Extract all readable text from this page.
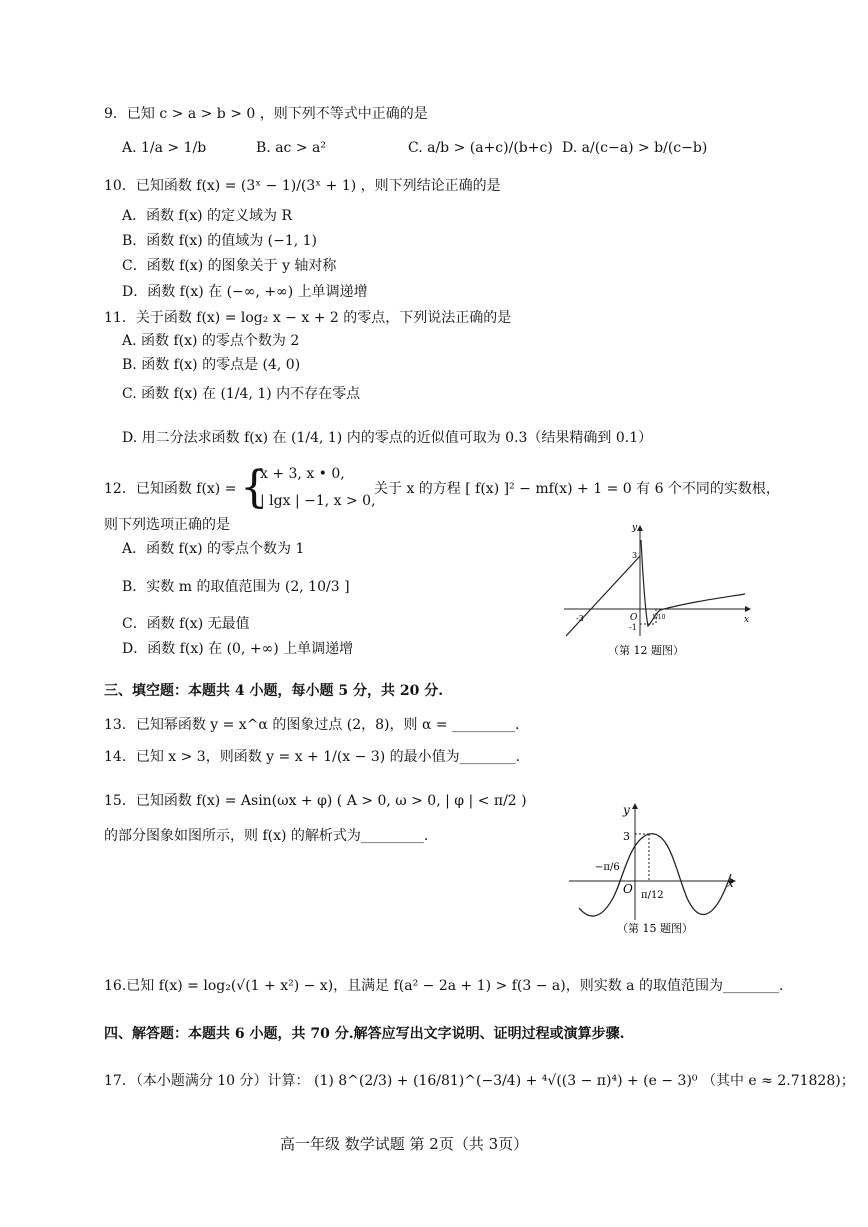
9．已知 c > a > b > 0 ，则下列不等式中正确的是
A. 1/a > 1/b	B. ac > a²	C. a/b > (a+c)/(b+c) D. a/(c−a) > b/(c−b)
10．已知函数 f(x) = (3ˣ − 1)/(3ˣ + 1) ，则下列结论正确的是
A．函数 f(x) 的定义域为 R
B．函数 f(x) 的值域为 (−1, 1)
C．函数 f(x) 的图象关于 y 轴对称
D．函数 f(x) 在 (−∞, +∞) 上单调递增
11．关于函数 f(x) = log₂ x − x + 2 的零点，下列说法正确的是
A. 函数 f(x) 的零点个数为 2
B. 函数 f(x) 的零点是 (4, 0)
C. 函数 f(x) 在 (1/4, 1) 内不存在零点
D. 用二分法求函数 f(x) 在 (1/4, 1) 内的零点的近似值可取为 0.3（结果精确到 0.1）
12．已知函数 f(x) = {
x + 3, x • 0,
| lgx | −1, x > 0,
关于 x 的方程 [ f(x) ]² − mf(x) + 1 = 0 有 6 个不同的实数根，
则下列选项正确的是
A．函数 f(x) 的零点个数为 1
B．实数 m 的取值范围为 (2, 10/3 ]
C．函数 f(x) 无最值
D．函数 f(x) 在 (0, +∞) 上单调递增
y
x
O
3
-3
-1
1/10
（第 12 题图）
三、填空题：本题共 4 小题，每小题 5 分，共 20 分.
13．已知幂函数 y = x^α 的图象过点 (2，8)，则 α = _________.
14．已知 x > 3，则函数 y = x + 1/(x − 3) 的最小值为________.
15．已知函数 f(x) = Asin(ωx + φ) ( A > 0, ω > 0, | φ | < π/2 )
的部分图象如图所示，则 f(x) 的解析式为_________.
y
x
O
3
−π/6
π/12
（第 15 题图）
16.已知 f(x) = log₂(√(1 + x²) − x)，且满足 f(a² − 2a + 1) > f(3 − a)，则实数 a 的取值范围为________.
四、解答题：本题共 6 小题，共 70 分.解答应写出文字说明、证明过程或演算步骤.
17．（本小题满分 10 分）计算： (1) 8^(2/3) + (16/81)^(−3/4) + ⁴√((3 − π)⁴) + (e − 3)⁰ （其中 e ≈ 2.71828)；
高一年级 数学试题 第 2页（共 3页）
